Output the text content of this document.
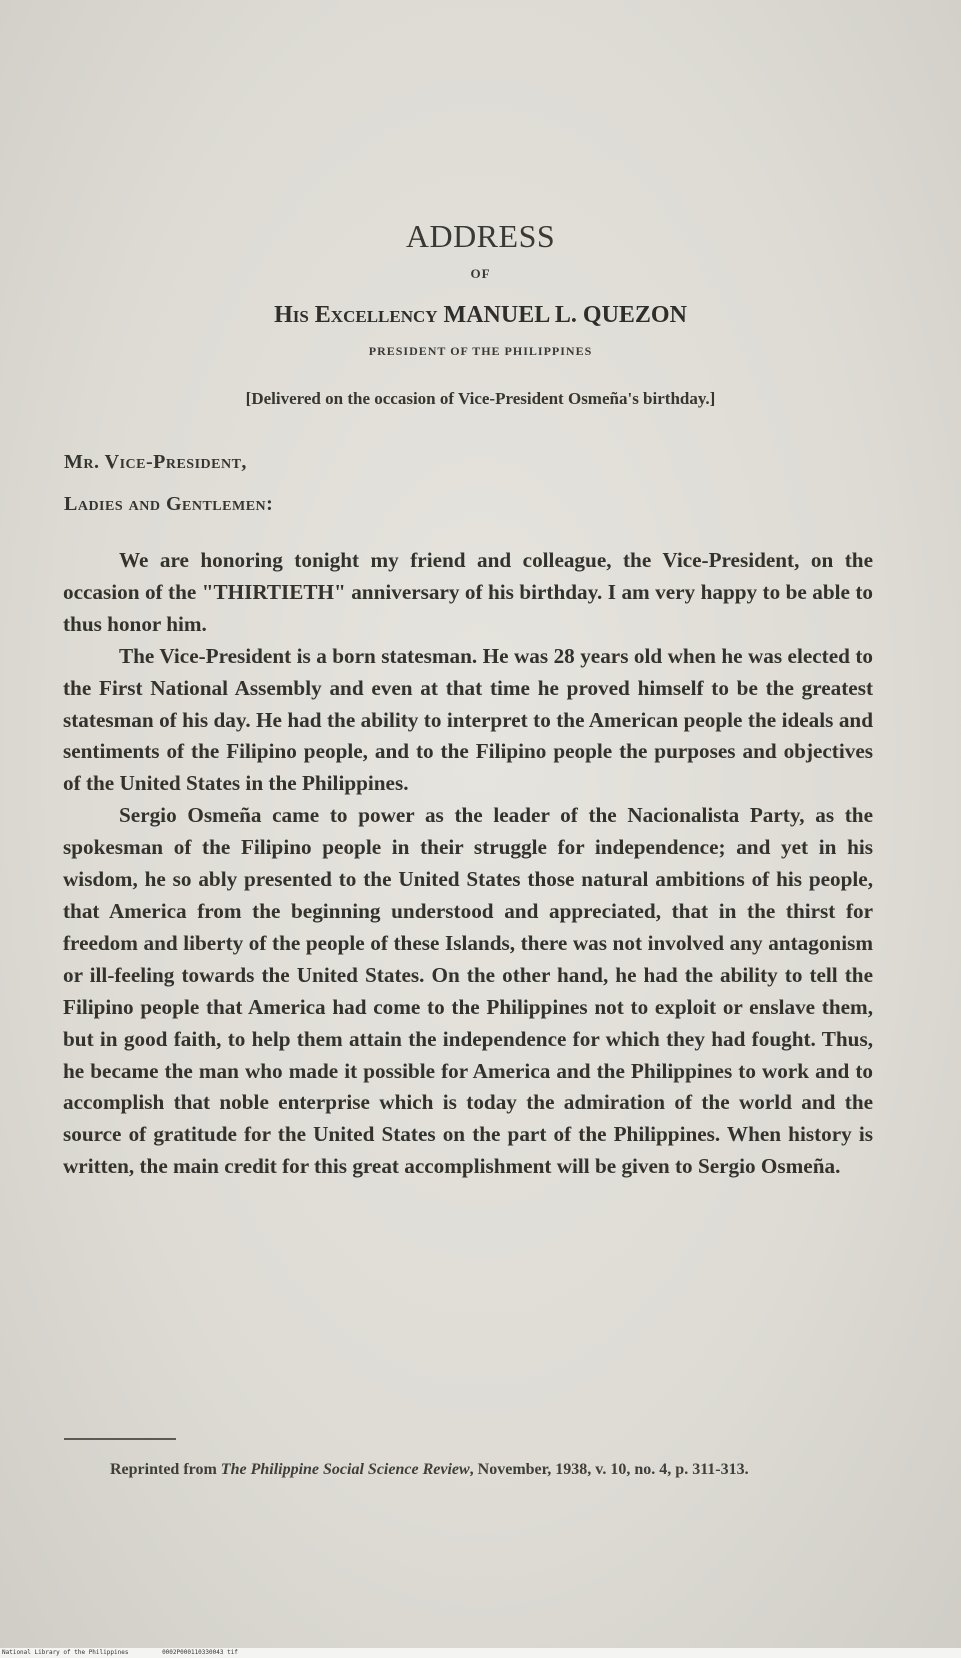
ADDRESS
OF
His Excellency MANUEL L. QUEZON
PRESIDENT OF THE PHILIPPINES
[Delivered on the occasion of Vice-President Osmeña's birthday.]
Mr. Vice-President,
Ladies and Gentlemen:

We are honoring tonight my friend and colleague, the Vice-President, on the occasion of the "THIRTIETH" anniversary of his birthday. I am very happy to be able to thus honor him.

The Vice-President is a born statesman. He was 28 years old when he was elected to the First National Assembly and even at that time he proved himself to be the greatest statesman of his day. He had the ability to interpret to the American people the ideals and sentiments of the Filipino people, and to the Filipino people the purposes and objectives of the United States in the Philippines.

Sergio Osmeña came to power as the leader of the Nacionalista Party, as the spokesman of the Filipino people in their struggle for independence; and yet in his wisdom, he so ably presented to the United States those natural ambitions of his people, that America from the beginning understood and appreciated, that in the thirst for freedom and liberty of the people of these Islands, there was not involved any antagonism or ill-feeling towards the United States. On the other hand, he had the ability to tell the Filipino people that America had come to the Philippines not to exploit or enslave them, but in good faith, to help them attain the independence for which they had fought. Thus, he became the man who made it possible for America and the Philippines to work and to accomplish that noble enterprise which is today the admiration of the world and the source of gratitude for the United States on the part of the Philippines. When history is written, the main credit for this great accomplishment will be given to Sergio Osmeña.

Reprinted from The Philippine Social Science Review, November, 1938, v. 10, no. 4, p. 311-313.
National Library of the Philippines	0002P000110330043 tif
